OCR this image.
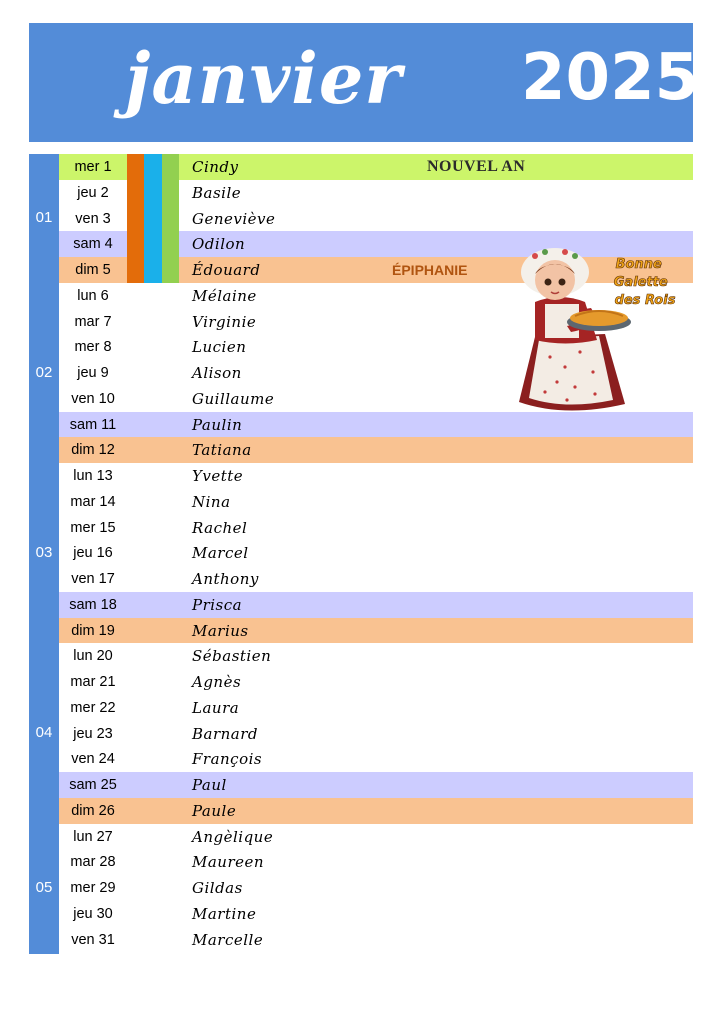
janvier 2025
01
02
03
04
05
mer 1	Cindy	NOUVEL AN
jeu 2	Basile
ven 3	Geneviève
sam 4	Odilon
dim 5	Édouard	ÉPIPHANIE
lun 6	Mélaine
mar 7	Virginie
mer 8	Lucien
jeu 9	Alison
ven 10	Guillaume
sam 11	Paulin
dim 12	Tatiana
lun 13	Yvette
mar 14	Nina
mer 15	Rachel
jeu 16	Marcel
ven 17	Anthony
sam 18	Prisca
dim 19	Marius
lun 20	Sébastien
mar 21	Agnès
mer 22	Laura
jeu 23	Barnard
ven 24	François
sam 25	Paul
dim 26	Paule
lun 27	Angèlique
mar 28	Maureen
mer 29	Gildas
jeu 30	Martine
ven 31	Marcelle
Bonne Galette des Rois
